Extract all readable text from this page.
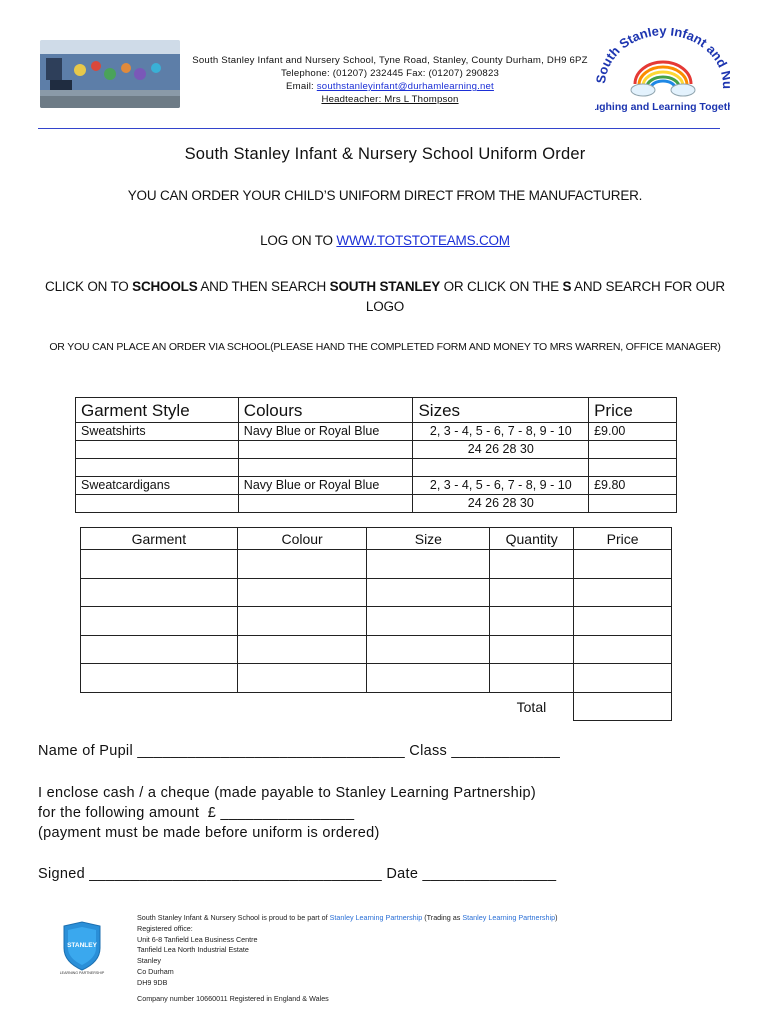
South Stanley Infant and Nursery School, Tyne Road, Stanley, County Durham, DH9 6PZ
Telephone: (01207) 232445 Fax: (01207) 290823
Email: southstanleyinfant@durhamlearning.net
Headteacher: Mrs L Thompson
outh Stanley Infant and
ughing and Learning Toget
South Stanley Infant & Nursery School Uniform Order
YOU CAN ORDER YOUR CHILD’S UNIFORM DIRECT FROM THE MANUFACTURER.
LOG ON TO WWW.TOTSTOTEAMS.COM
CLICK ON TO SCHOOLS AND THEN SEARCH SOUTH STANLEY OR CLICK ON THE S AND SEARCH FOR OUR LOGO
OR YOU CAN PLACE AN ORDER VIA SCHOOL(PLEASE HAND THE COMPLETED FORM AND MONEY TO MRS WARREN, OFFICE MANAGER)
Garment Style	Colours	Sizes	Price
Sweatshirts	Navy Blue or Royal Blue	2, 3 - 4, 5 - 6, 7 - 8, 9 - 10	£9.00
		24 26 28 30	

Sweatcardigans	Navy Blue or Royal Blue	2, 3 - 4, 5 - 6, 7 - 8, 9 - 10	£9.80
		24 26 28 30	
Garment	Colour	Size	Quantity	Price

			Total	
Name of Pupil ________________________________ Class _____________
I enclose cash / a cheque (made payable to Stanley Learning Partnership)
for the following amount  £ ________________
(payment must be made before uniform is ordered)
Signed ___________________________________ Date ________________
STANLEY
LEARNING PARTNERSHIP
South Stanley Infant & Nursery School is proud to be part of Stanley Learning Partnership (Trading as Stanley Learning Partnership)
Registered office:
Unit 6-8 Tanfield Lea Business Centre
Tanfield Lea North Industrial Estate
Stanley
Co Durham
DH9 9DB
Company number 10660011 Registered in England & Wales
